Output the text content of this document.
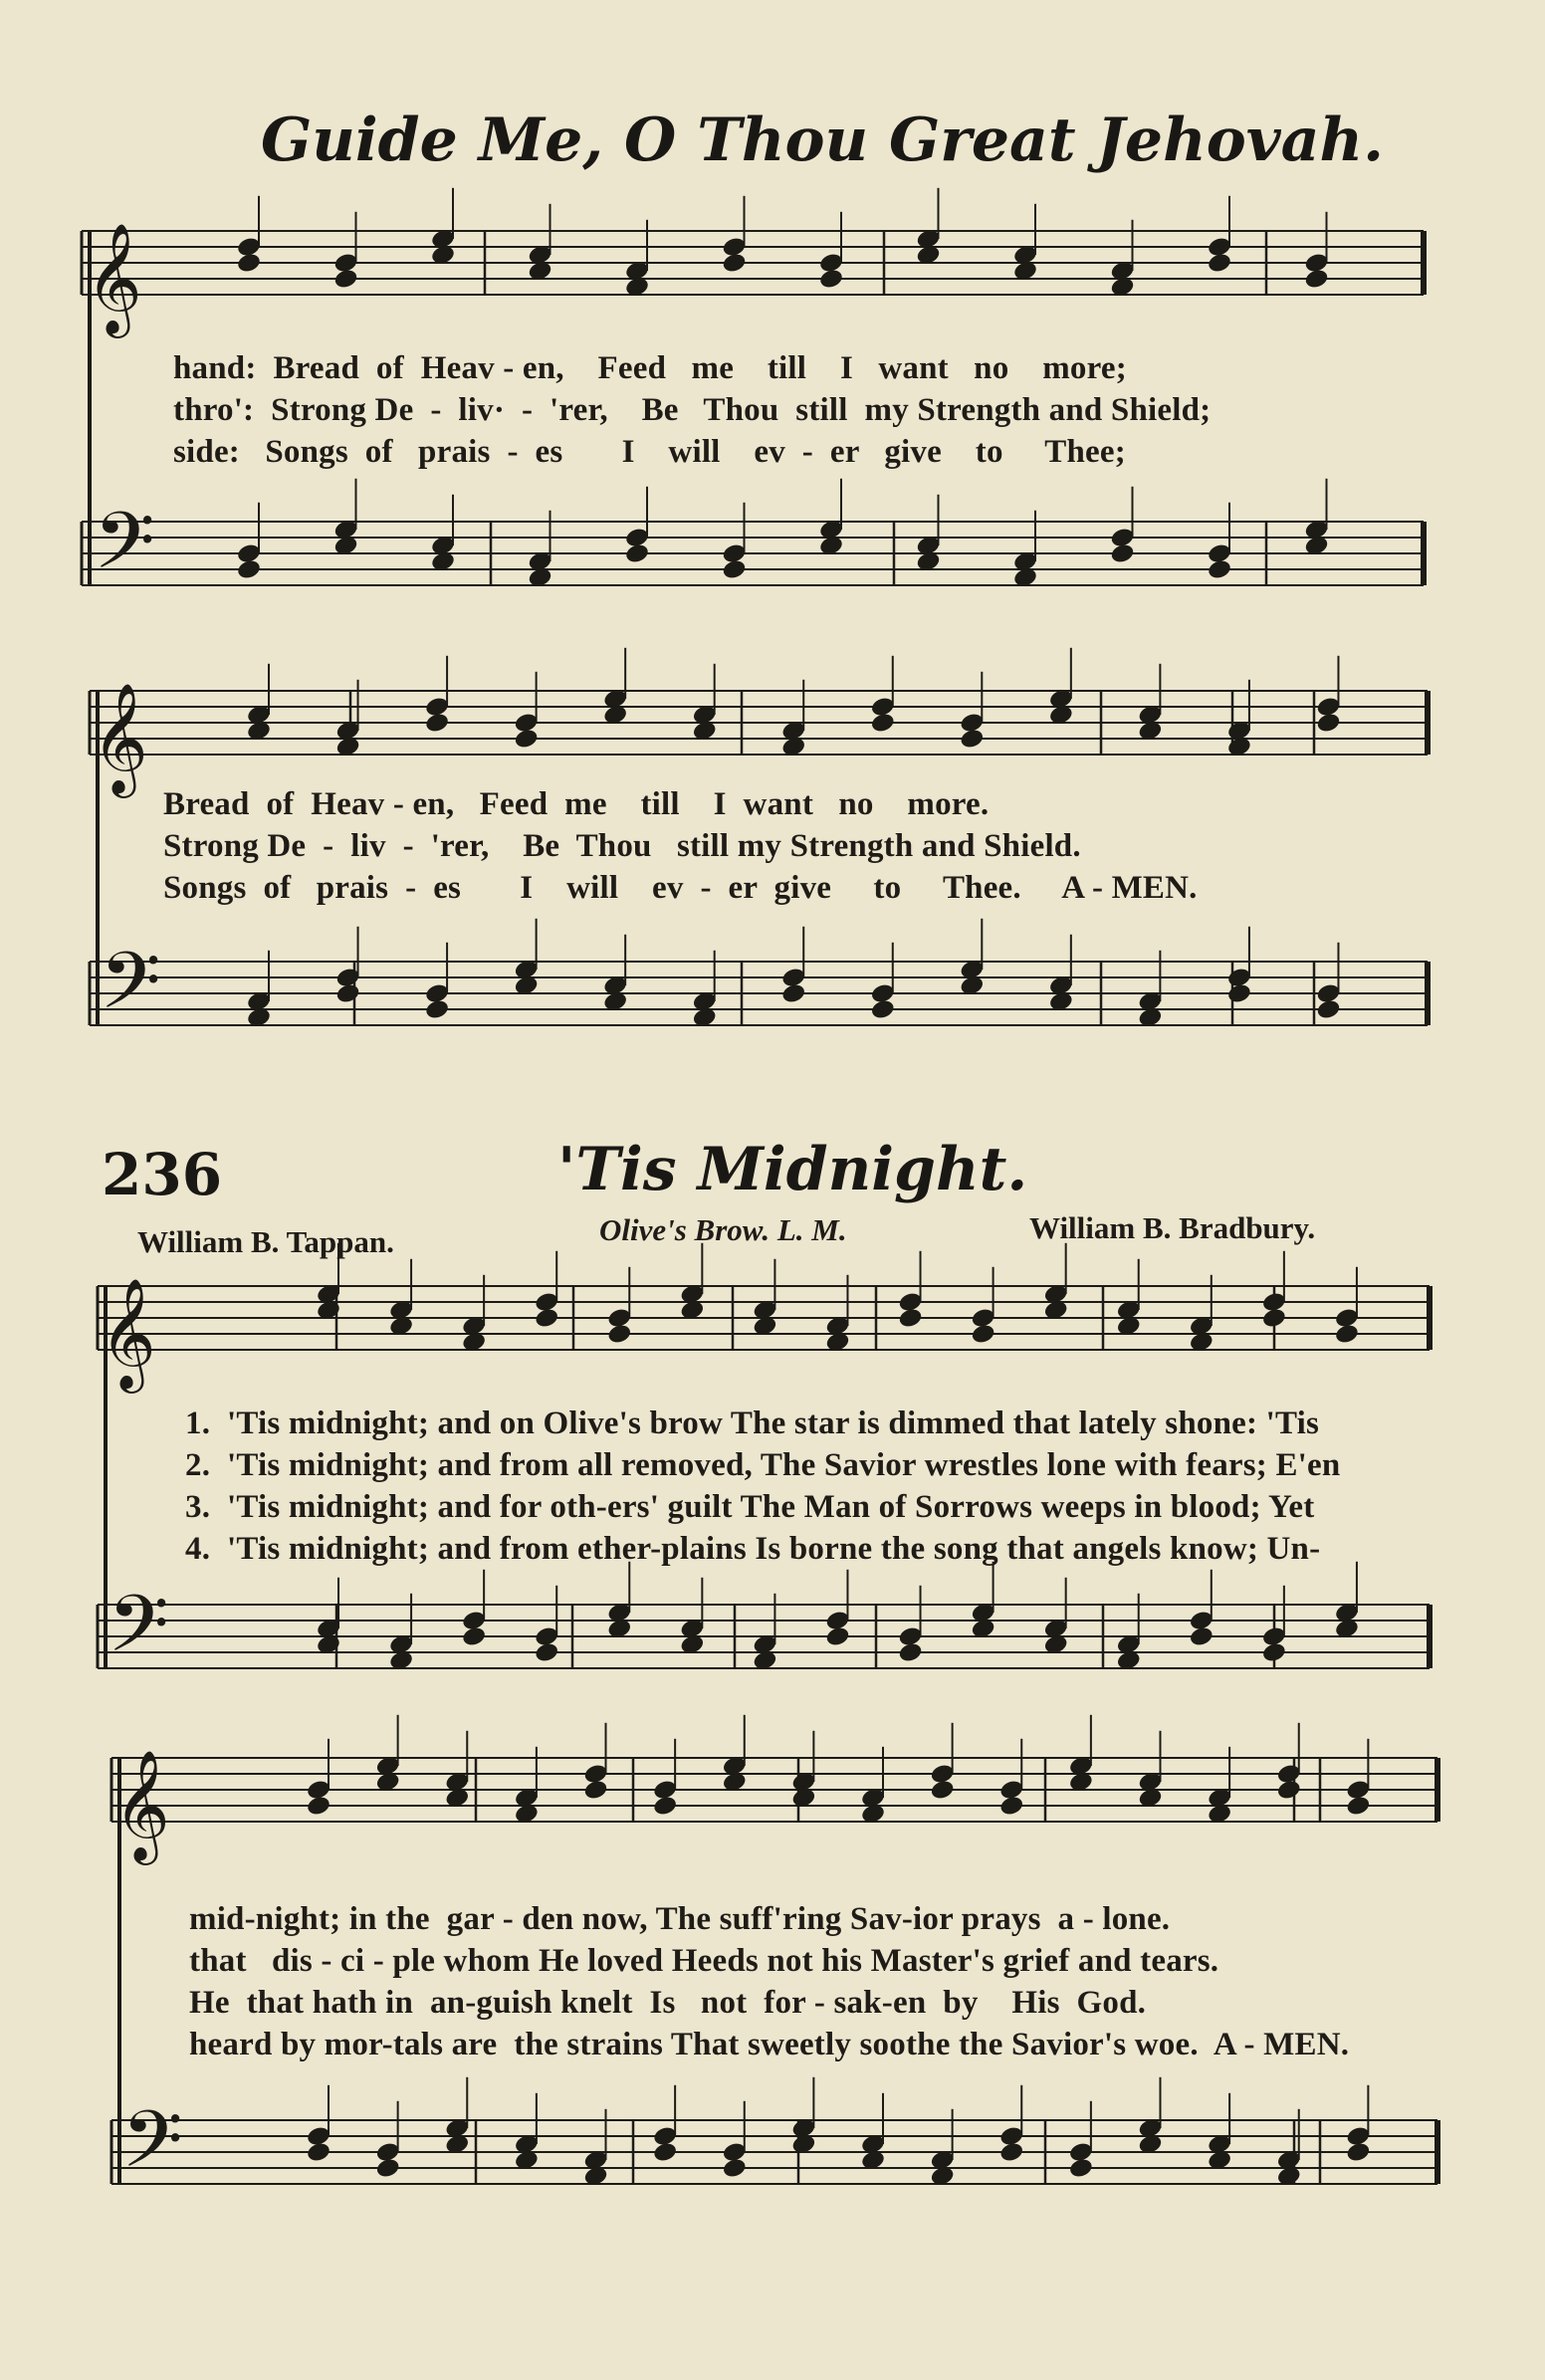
𝄞
𝄢
𝄞
𝄢
𝄞
𝄢
𝄞
𝄢
Guide Me, O Thou Great Jehovah.
hand:  Bread  of  Heav - en,    Feed   me    till    I   want   no    more;
thro':  Strong De  -  liv·  -  'rer,    Be   Thou  still  my Strength and Shield;
side:   Songs  of   prais  -  es       I    will    ev  -  er   give    to     Thee;
Bread  of  Heav - en,   Feed  me    till    I  want   no    more.
Strong De  -  liv  -  'rer,    Be  Thou   still my Strength and Shield.
Songs  of   prais  -  es       I    will    ev  -  er  give     to     Thee.     A - MEN.
236	'Tis Midnight.
William B. Tappan.	Olive's Brow. L. M.	William B. Bradbury.
1.  'Tis midnight; and on Olive's brow The star is dimmed that lately shone: 'Tis
2.  'Tis midnight; and from all removed, The Savior wrestles lone with fears; E'en
3.  'Tis midnight; and for oth-ers' guilt The Man of Sorrows weeps in blood; Yet
4.  'Tis midnight; and from ether-plains Is borne the song that angels know; Un-
mid-night; in the  gar - den now, The suff'ring Sav-ior prays  a - lone.
that   dis - ci - ple whom He loved Heeds not his Master's grief and tears.
He  that hath in  an-guish knelt  Is   not  for - sak-en  by    His  God.
heard by mor-tals are  the strains That sweetly soothe the Savior's woe.  A - MEN.
